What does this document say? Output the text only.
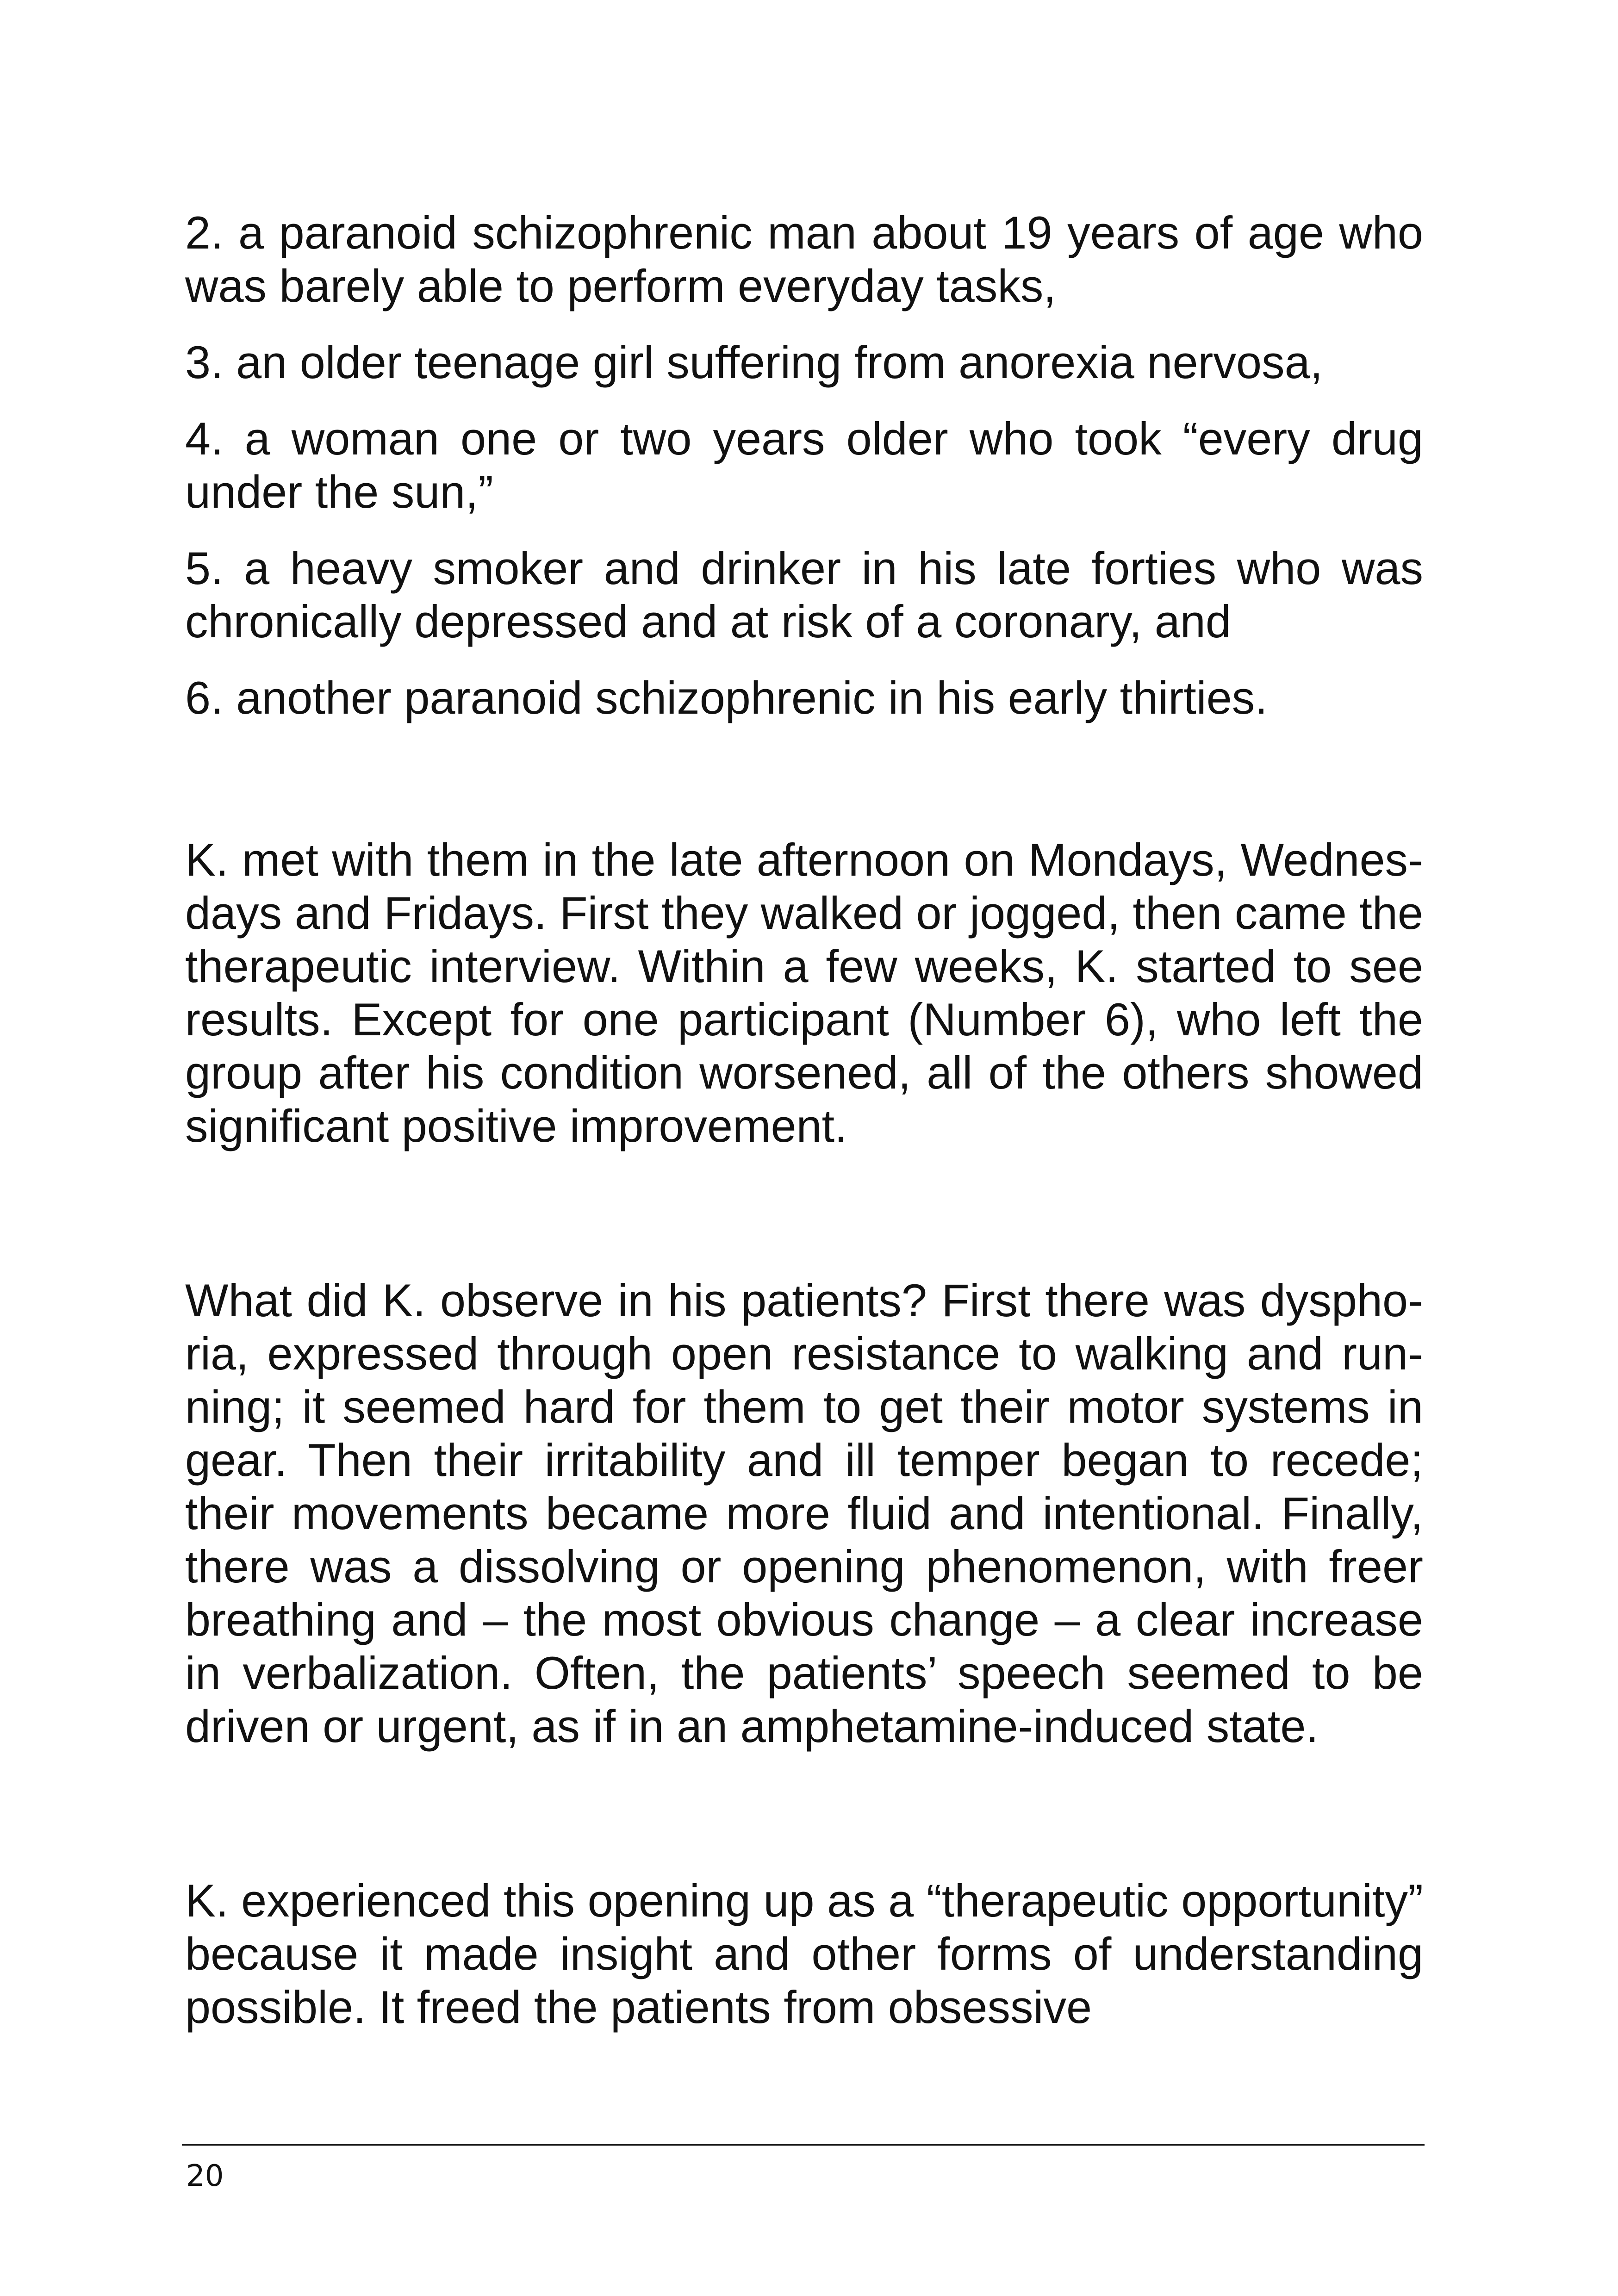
2. a paranoid schizophrenic man about 19 years of age who was barely able to perform everyday tasks,

3. an older teenage girl suffering from anorexia nervosa,

4. a woman one or two years older who took “every drug under the sun,”

5. a heavy smoker and drinker in his late forties who was chronically depressed and at risk of a coronary, and

6. another paranoid schizophrenic in his early thirties.

K. met with them in the late afternoon on Mondays, Wednesdays and Fridays. First they walked or jogged, then came the therapeutic interview. Within a few weeks, K. started to see results. Except for one participant (Number 6), who left the group after his condition worsened, all of the others showed significant positive improvement.

What did K. observe in his patients? First there was dysphoria, expressed through open resistance to walking and running; it seemed hard for them to get their motor systems in gear. Then their irritability and ill temper began to recede; their movements became more fluid and intentional. Finally, there was a dissolving or opening phenomenon, with freer breathing and – the most obvious change – a clear increase in verbalization. Often, the patients’ speech seemed to be driven or urgent, as if in an amphetamine-induced state.

K. experienced this opening up as a “therapeutic opportunity” because it made insight and other forms of understanding possible. It freed the patients from obsessive

20
